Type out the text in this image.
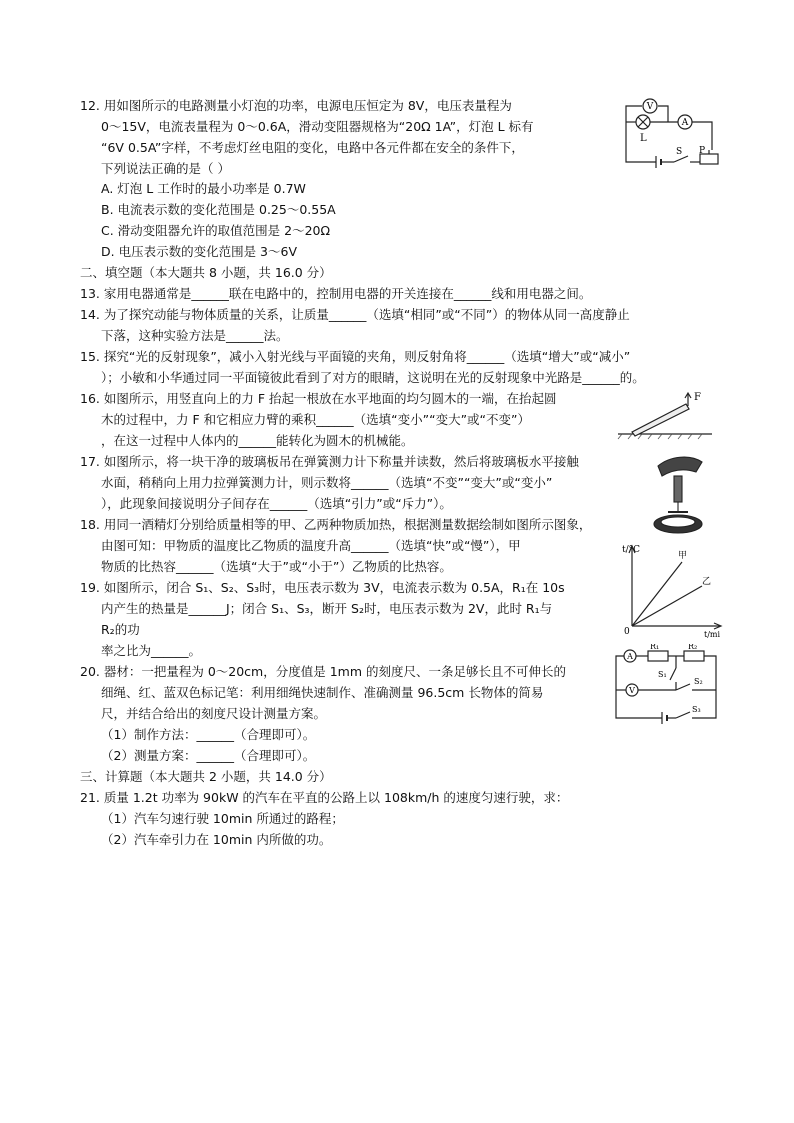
12. 用如图所示的电路测量小灯泡的功率，电源电压恒定为 8V，电压表量程为
0～15V，电流表量程为 0～0.6A，滑动变阻器规格为“20Ω 1A”，灯泡 L 标有
“6V 0.5A”字样，不考虑灯丝电阻的变化，电路中各元件都在安全的条件下，
下列说法正确的是（ ）
A. 灯泡 L 工作时的最小功率是 0.7W
B. 电流表示数的变化范围是 0.25～0.55A
C. 滑动变阻器允许的取值范围是 2～20Ω
D. 电压表示数的变化范围是 3～6V
二、填空题（本大题共 8 小题，共 16.0 分）
13. 家用电器通常是______联在电路中的，控制用电器的开关连接在______线和用电器之间。
14. 为了探究动能与物体质量的关系，让质量______（选填“相同”或“不同”）的物体从同一高度静止
下落，这种实验方法是______法。
15. 探究“光的反射现象”，减小入射光线与平面镜的夹角，则反射角将______（选填“增大”或“减小”
）；小敏和小华通过同一平面镜彼此看到了对方的眼睛，这说明在光的反射现象中光路是______的。
16. 如图所示，用竖直向上的力 F 抬起一根放在水平地面的均匀圆木的一端，在抬起圆
木的过程中，力 F 和它相应力臂的乘积______（选填“变小”“变大”或“不变”）
，在这一过程中人体内的______能转化为圆木的机械能。
17. 如图所示，将一块干净的玻璃板吊在弹簧测力计下称量并读数，然后将玻璃板水平接触
水面，稍稍向上用力拉弹簧测力计，则示数将______（选填“不变”“变大”或“变小”
），此现象间接说明分子间存在______（选填“引力”或“斥力”）。
18. 用同一酒精灯分别给质量相等的甲、乙两种物质加热，根据测量数据绘制如图所示图象，
由图可知：甲物质的温度比乙物质的温度升高______（选填“快”或“慢”），甲
物质的比热容______（选填“大于”或“小于”）乙物质的比热容。
19. 如图所示，闭合 S₁、S₂、S₃时，电压表示数为 3V，电流表示数为 0.5A，R₁在 10s
内产生的热量是______J；闭合 S₁、S₃，断开 S₂时，电压表示数为 2V，此时 R₁与
R₂的功
率之比为______。
20. 器材：一把量程为 0～20cm，分度值是 1mm 的刻度尺、一条足够长且不可伸长的
细绳、红、蓝双色标记笔：利用细绳快速制作、准确测量 96.5cm 长物体的简易
尺，并结合给出的刻度尺设计测量方案。
（1）制作方法：______（合理即可）。
（2）测量方案：______（合理即可）。
三、计算题（本大题共 2 小题，共 14.0 分）
21. 质量 1.2t 功率为 90kW 的汽车在平直的公路上以 108km/h 的速度匀速行驶，求：
（1）汽车匀速行驶 10min 所通过的路程；
（2）汽车牵引力在 10min 内所做的功。
V
A
L
S P
F
t/°C
t/mi
0
甲
乙
A
V
R₁	R₂
S₁
S₂
S₃
